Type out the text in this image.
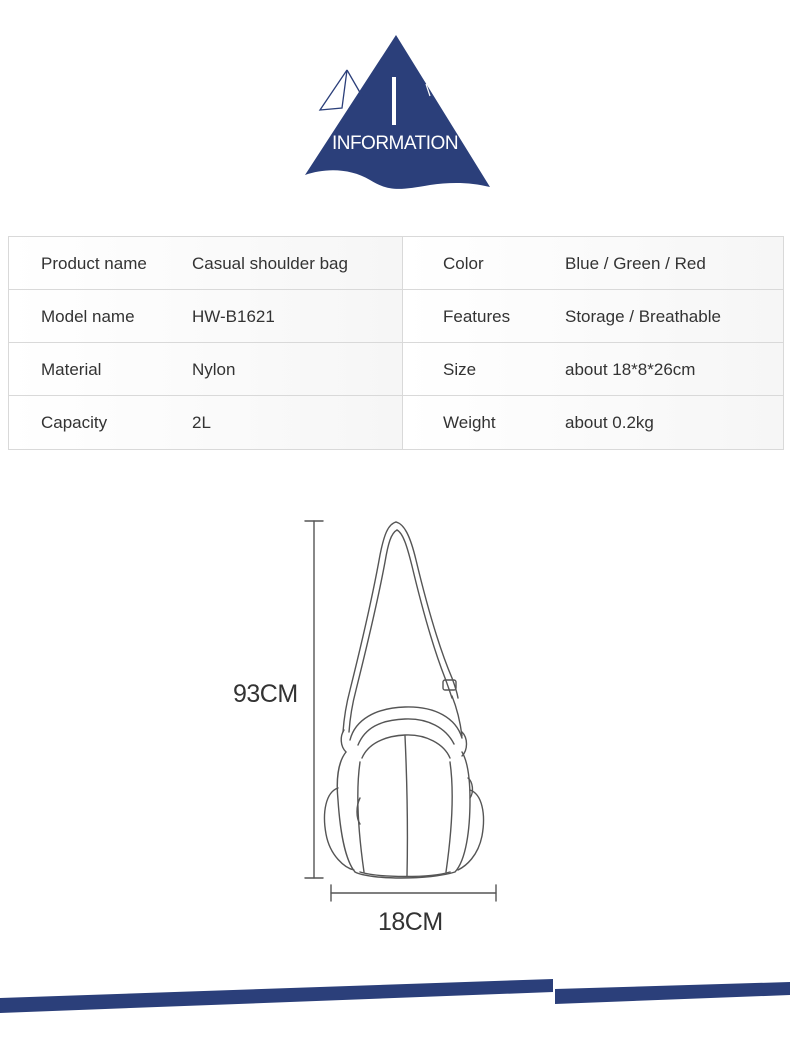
INFORMATION
Product name	Casual shoulder bag	Color	Blue / Green / Red
Model name	HW-B1621	Features	Storage / Breathable
Material	Nylon	Size	about 18*8*26cm
Capacity	2L	Weight	about 0.2kg
93CM
18CM
